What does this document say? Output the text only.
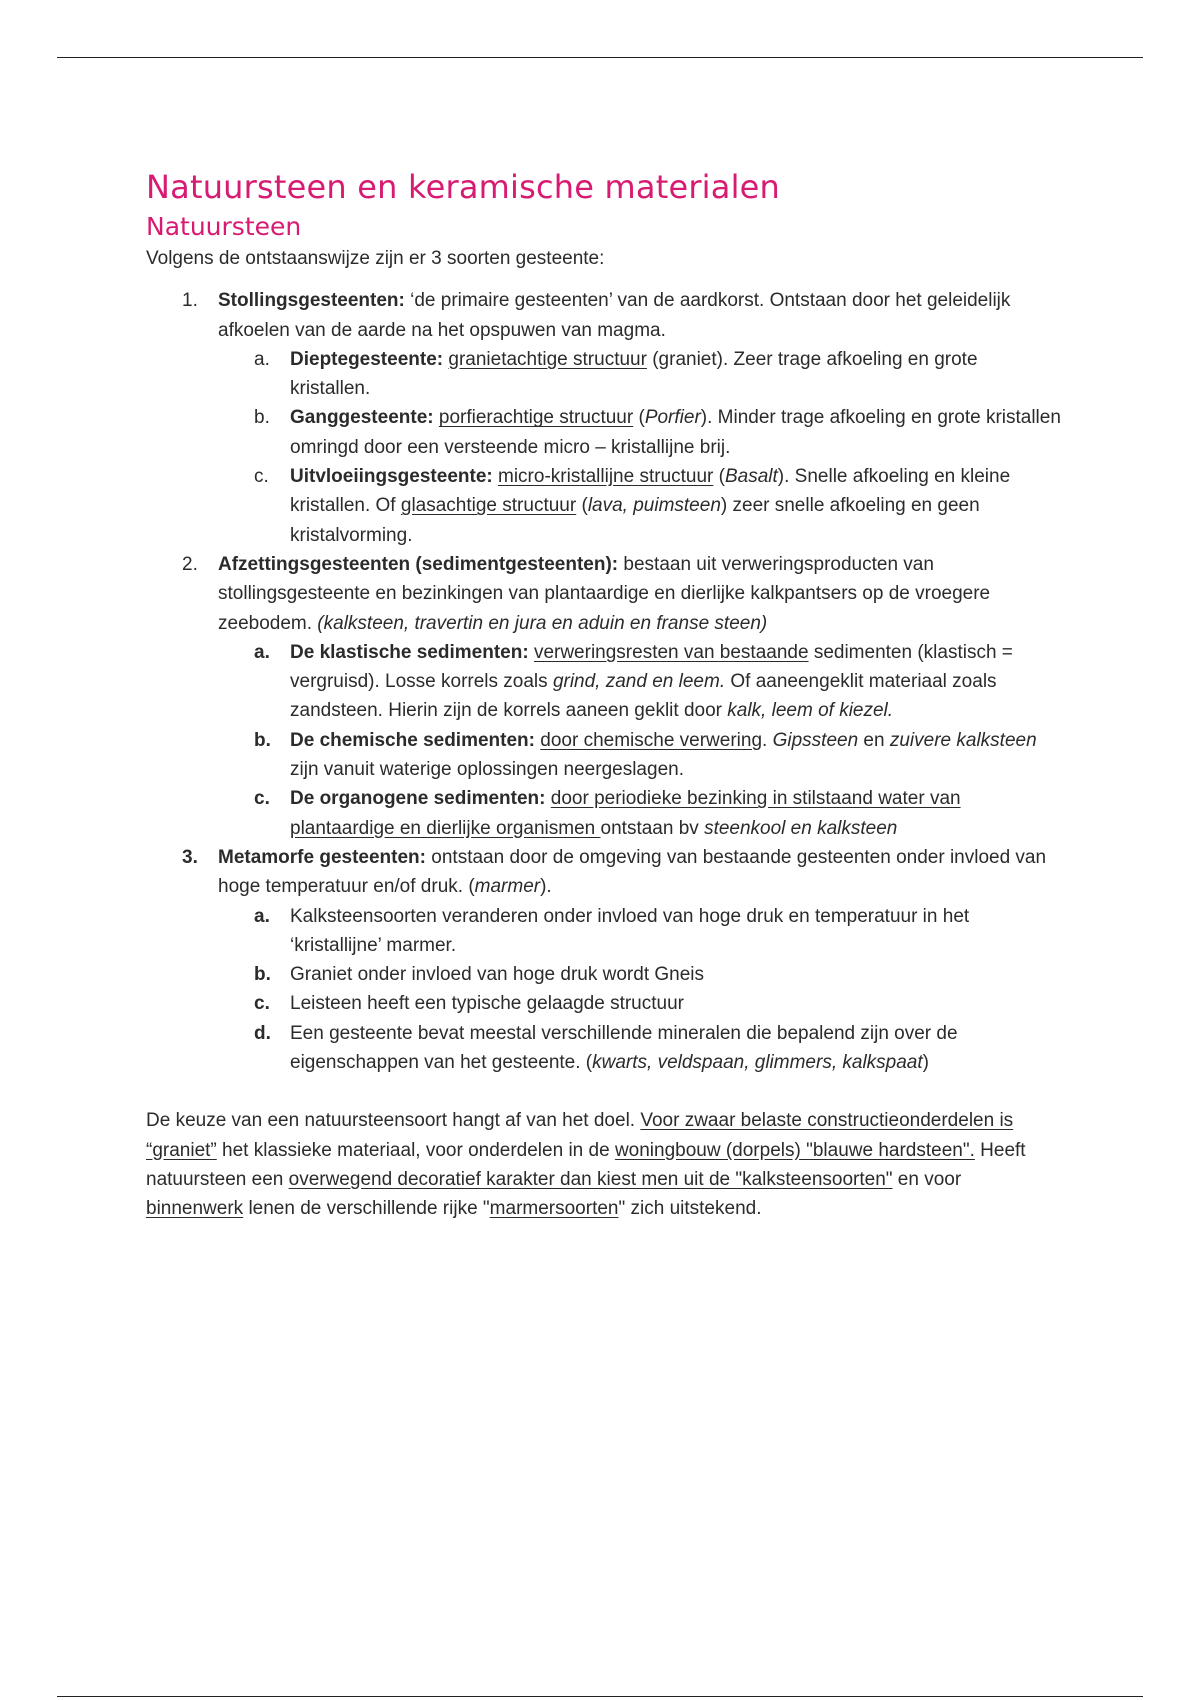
Natuursteen en keramische materialen
Natuursteen

Volgens de ontstaanswijze zijn er 3 soorten gesteente:

1. Stollingsgesteenten: ‘de primaire gesteenten’ van de aardkorst. Ontstaan door het geleidelijk afkoelen van de aarde na het opspuwen van magma.
a.	Dieptegesteente: granietachtige structuur (graniet). Zeer trage afkoeling en grote kristallen.
b.	Ganggesteente: porfierachtige structuur (Porfier). Minder trage afkoeling en grote kristallen omringd door een versteende micro – kristallijne brij.
c.	Uitvloeiingsgesteente: micro-kristallijne structuur (Basalt). Snelle afkoeling en kleine kristallen. Of glasachtige structuur (lava, puimsteen) zeer snelle afkoeling en geen kristalvorming.
2. Afzettingsgesteenten (sedimentgesteenten): bestaan uit verweringsproducten van stollingsgesteente en bezinkingen van plantaardige en dierlijke kalkpantsers op de vroegere zeebodem. (kalksteen, travertin en jura en aduin en franse steen)
a.	De klastische sedimenten: verweringsresten van bestaande sedimenten (klastisch = vergruisd). Losse korrels zoals grind, zand en leem. Of aaneengeklit materiaal zoals zandsteen. Hierin zijn de korrels aaneen geklit door kalk, leem of kiezel.
b.	De chemische sedimenten: door chemische verwering. Gipssteen en zuivere kalksteen zijn vanuit waterige oplossingen neergeslagen.
c.	De organogene sedimenten: door periodieke bezinking in stilstaand water van plantaardige en dierlijke organismen ontstaan bv steenkool en kalksteen
3. Metamorfe gesteenten: ontstaan door de omgeving van bestaande gesteenten onder invloed van hoge temperatuur en/of druk. (marmer).
a.	Kalksteensoorten veranderen onder invloed van hoge druk en temperatuur in het ‘kristallijne’ marmer.
b.	Graniet onder invloed van hoge druk wordt Gneis
c.	Leisteen heeft een typische gelaagde structuur
d.	Een gesteente bevat meestal verschillende mineralen die bepalend zijn over de eigenschappen van het gesteente. (kwarts, veldspaan, glimmers, kalkspaat)

De keuze van een natuursteensoort hangt af van het doel. Voor zwaar belaste constructieonderdelen is “graniet” het klassieke materiaal, voor onderdelen in de woningbouw (dorpels) "blauwe hardsteen". Heeft natuursteen een overwegend decoratief karakter dan kiest men uit de "kalksteensoorten" en voor binnenwerk lenen de verschillende rijke "marmersoorten" zich uitstekend.
